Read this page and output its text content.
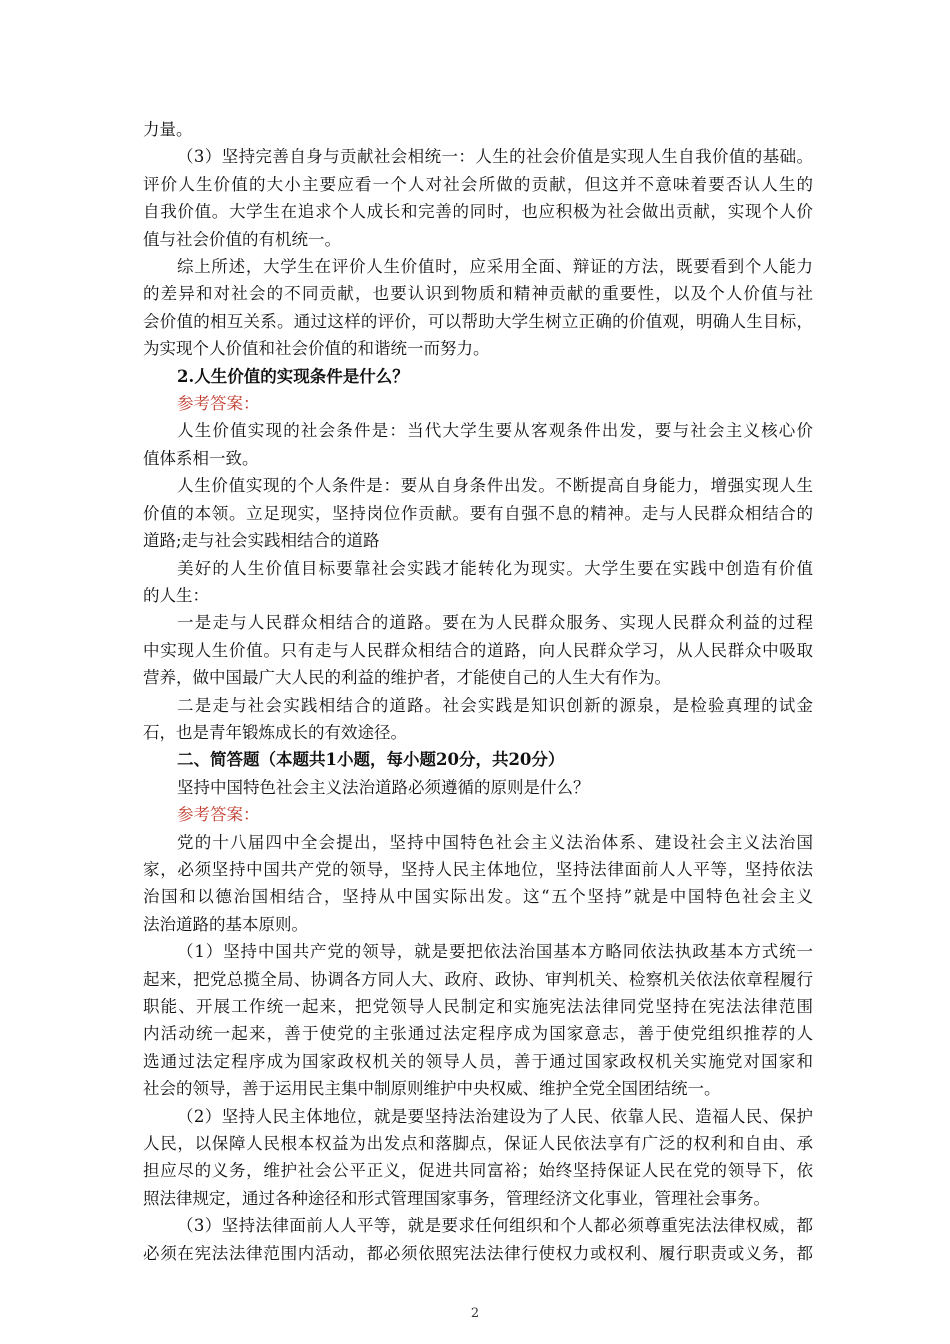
力量。
（3）坚持完善自身与贡献社会相统一：人生的社会价值是实现人生自我价值的基础。
评价人生价值的大小主要应看一个人对社会所做的贡献，但这并不意味着要否认人生的
自我价值。大学生在追求个人成长和完善的同时，也应积极为社会做出贡献，实现个人价
值与社会价值的有机统一。
综上所述，大学生在评价人生价值时，应采用全面、辩证的方法，既要看到个人能力
的差异和对社会的不同贡献，也要认识到物质和精神贡献的重要性，以及个人价值与社
会价值的相互关系。通过这样的评价，可以帮助大学生树立正确的价值观，明确人生目标，
为实现个人价值和社会价值的和谐统一而努力。
2.人生价值的实现条件是什么？
参考答案：
人生价值实现的社会条件是：当代大学生要从客观条件出发，要与社会主义核心价
值体系相一致。
人生价值实现的个人条件是：要从自身条件出发。不断提高自身能力，增强实现人生
价值的本领。立足现实，坚持岗位作贡献。要有自强不息的精神。走与人民群众相结合的
道路;走与社会实践相结合的道路
美好的人生价值目标要靠社会实践才能转化为现实。大学生要在实践中创造有价值
的人生：
一是走与人民群众相结合的道路。要在为人民群众服务、实现人民群众利益的过程
中实现人生价值。只有走与人民群众相结合的道路，向人民群众学习，从人民群众中吸取
营养，做中国最广大人民的利益的维护者，才能使自己的人生大有作为。
二是走与社会实践相结合的道路。社会实践是知识创新的源泉，是检验真理的试金
石，也是青年锻炼成长的有效途径。
二、简答题（本题共1小题，每小题20分，共20分）
坚持中国特色社会主义法治道路必须遵循的原则是什么？
参考答案：
党的十八届四中全会提出，坚持中国特色社会主义法治体系、建设社会主义法治国
家，必须坚持中国共产党的领导，坚持人民主体地位，坚持法律面前人人平等，坚持依法
治国和以德治国相结合，坚持从中国实际出发。这“五个坚持”就是中国特色社会主义
法治道路的基本原则。
（1）坚持中国共产党的领导，就是要把依法治国基本方略同依法执政基本方式统一
起来，把党总揽全局、协调各方同人大、政府、政协、审判机关、检察机关依法依章程履行
职能、开展工作统一起来，把党领导人民制定和实施宪法法律同党坚持在宪法法律范围
内活动统一起来，善于使党的主张通过法定程序成为国家意志，善于使党组织推荐的人
选通过法定程序成为国家政权机关的领导人员，善于通过国家政权机关实施党对国家和
社会的领导，善于运用民主集中制原则维护中央权威、维护全党全国团结统一。
（2）坚持人民主体地位，就是要坚持法治建设为了人民、依靠人民、造福人民、保护
人民，以保障人民根本权益为出发点和落脚点，保证人民依法享有广泛的权利和自由、承
担应尽的义务，维护社会公平正义，促进共同富裕；始终坚持保证人民在党的领导下，依
照法律规定，通过各种途径和形式管理国家事务，管理经济文化事业，管理社会事务。
（3）坚持法律面前人人平等，就是要求任何组织和个人都必须尊重宪法法律权威，都
必须在宪法法律范围内活动，都必须依照宪法法律行使权力或权利、履行职责或义务，都
2
